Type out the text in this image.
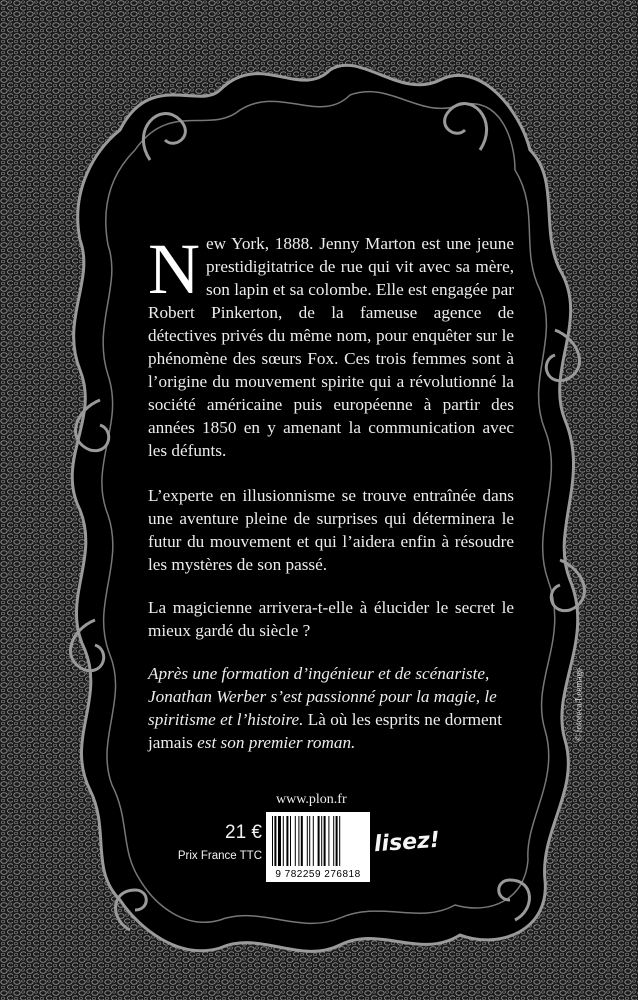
N ew York, 1888. Jenny Marton est une jeune prestidigitatrice de rue qui vit avec sa mère, son lapin et sa colombe. Elle est engagée par Robert Pinkerton, de la fameuse agence de détectives privés du même nom, pour enquêter sur le phénomène des sœurs Fox. Ces trois femmes sont à l’origine du mouvement spirite qui a révolutionné la société américaine puis européenne à partir des années 1850 en y amenant la communication avec les défunts.

L’experte en illusionnisme se trouve entraînée dans une aventure pleine de surprises qui déterminera le futur du mouvement et qui l’aidera enfin à résoudre les mystères de son passé.

La magicienne arrivera-t-elle à élucider le secret le mieux gardé du siècle ?

Après une formation d’ingénieur et de scénariste, Jonathan Werber s’est passionné pour la magie, le spiritisme et l’histoire. Là où les esprits ne dorment jamais est son premier roman.

© fototeca/Leemage
www.plon.fr
21 €
Prix France TTC
9 782259 276818
lisez!
